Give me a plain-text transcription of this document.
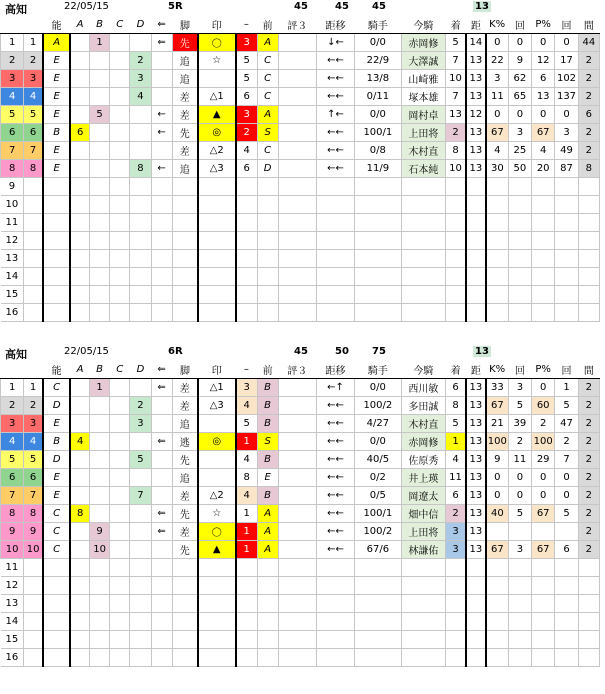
高知	22/05/15	5R	45	45 45	13
		能	A	B	C	D	⇐	脚	印	–	前	評３	距移	騎手	今騎	着	距	K%	回	P%	回	間
1	1	A		1			⇐	先	〇	3	A		↓←	0/0	赤岡修	5	14	0	0	0	0	44
2	2	E				2		追	☆	5	C		←←	22/9	大澤誠	7	13	22	9	12	17	2
3	3	E				3		追		5	C		←←	13/8	山崎雅	10	13	3	62	6	102	2
4	4	E				4		差	△1	6	C		←←	0/11	塚本雄	7	13	11	65	13	137	2
5	5	E		5			←	差	▲	3	A		↑←	0/0	岡村卓	13	12	0	0	0	0	6
6	6	B	6				←	先	◎	2	S		←←	100/1	上田将	2	13	67	3	67	3	2
7	7	E						差	△2	4	C		←←	0/8	木村直	8	13	4	25	4	49	2
8	8	E				8	←	追	△3	6	D		←←	11/9	石本純	10	13	30	50	20	87	8
9																						
10																						
11																						
12																						
13																						
14																						
15																						
16																						
高知	22/05/15	6R	45	50 75	13
		能	A	B	C	D	⇐	脚	印	–	前	評３	距移	騎手	今騎	着	距	K%	回	P%	回	間
1	1	C		1			⇐	差	△1	3	B		←↑	0/0	西川敏	6	13	33	3	0	1	2
2	2	D				2		差	△3	4	B		←←	100/2	多田誠	8	13	67	5	60	5	2
3	3	E				3		追		5	B		←←	4/27	木村直	5	13	21	39	2	47	2
4	4	B	4				⇐	逃	◎	1	S		←←	0/0	赤岡修	1	13	100	2	100	2	2
5	5	D				5		先		4	B		←←	40/5	佐原秀	4	13	9	11	29	7	2
6	6	E						追		8	E		←←	0/2	井上瑛	11	13	0	0	0	0	2
7	7	E				7		差	△2	4	B		←←	0/5	岡遼太	6	13	0	0	0	0	2
8	8	C	8				⇐	先	☆	1	A		←←	100/1	畑中信	2	13	40	5	67	5	2
9	9	C		9			⇐	差	〇	1	A		←←	100/2	上田将	3	13					2
10	10	C		10				先	▲	1	A		←←	67/6	林謙佑	3	13	67	3	67	6	2
11																						
12																						
13																						
14																						
15																						
16																						
